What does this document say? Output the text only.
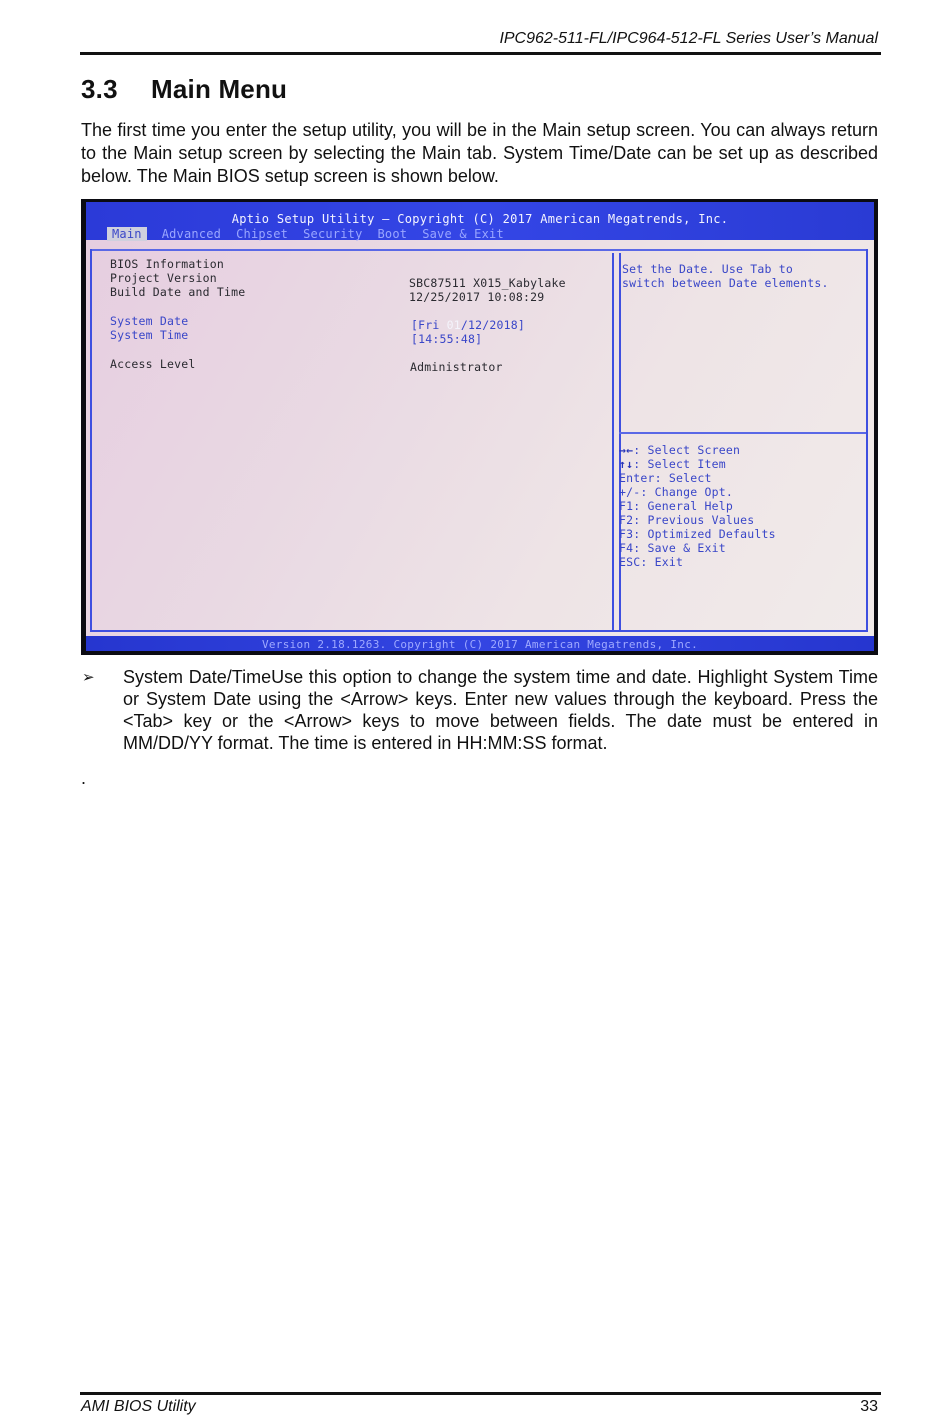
IPC962-511-FL/IPC964-512-FL Series User’s Manual
3.3 Main Menu
The first time you enter the setup utility, you will be in the Main setup screen. You can always return to the Main setup screen by selecting the Main tab. System Time/Date can be set up as described below. The Main BIOS setup screen is shown below.
Aptio Setup Utility – Copyright (C) 2017 American Megatrends, Inc.
Main	Advanced Chipset Security Boot Save & Exit
BIOS Information
Project Version
Build Date and Time
System Date
System Time
Access Level
SBC87511 X015_Kabylake
12/25/2017 10:08:29
[Fri 01/12/2018]
[14:55:48]
Administrator
Set the Date. Use Tab to
switch between Date elements.
→←: Select Screen
↑↓: Select Item
Enter: Select
+/-: Change Opt.
F1: General Help
F2: Previous Values
F3: Optimized Defaults
F4: Save & Exit
ESC: Exit
Version 2.18.1263. Copyright (C) 2017 American Megatrends, Inc.
➢ System Date/TimeUse this option to change the system time and date. Highlight System Time or System Date using the <Arrow> keys. Enter new values through the keyboard. Press the <Tab> key or the <Arrow> keys to move between fields. The date must be entered in MM/DD/YY format. The time is entered in HH:MM:SS format.
.
AMI BIOS Utility	33
